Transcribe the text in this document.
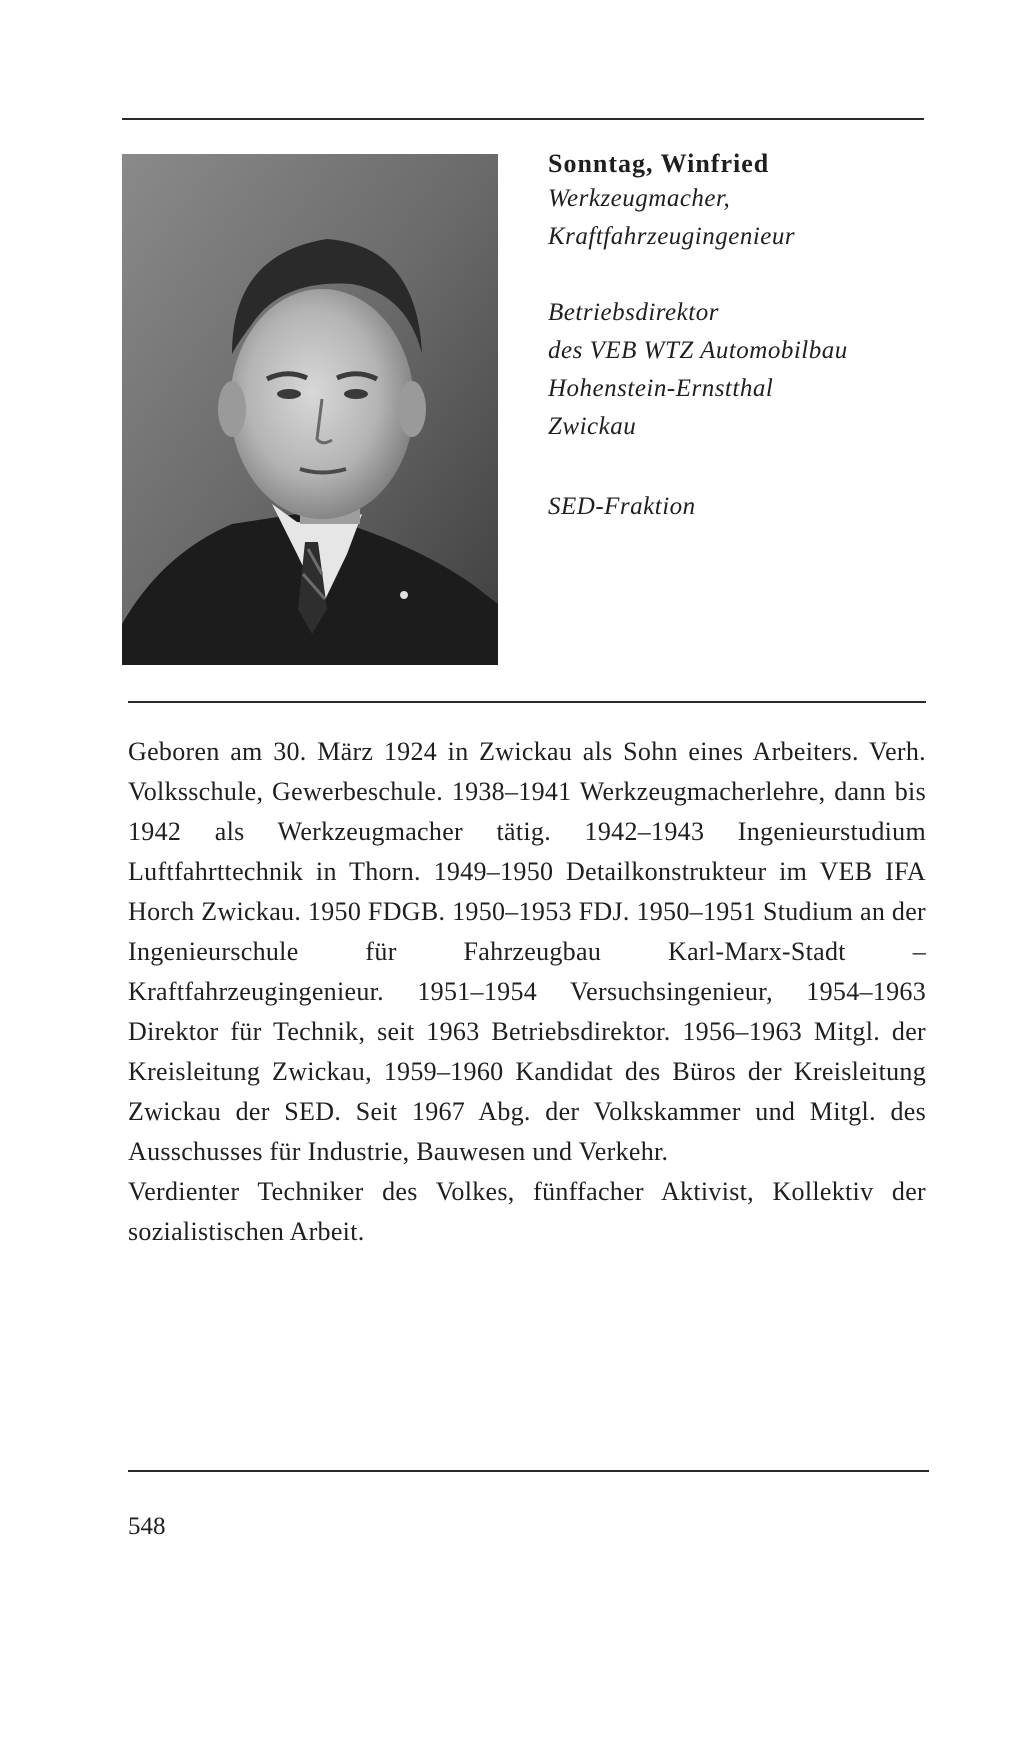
Sonntag, Winfried

Werkzeugmacher,

Kraftfahrzeugingenieur

Betriebsdirektor

des VEB WTZ Automobilbau

Hohenstein-Ernstthal

Zwickau

SED-Fraktion

Geboren am 30. März 1924 in Zwickau als Sohn eines Arbeiters. Verh. Volksschule, Gewerbeschule. 1938–1941 Werkzeugmacherlehre, dann bis 1942 als Werkzeugmacher tätig. 1942–1943 Ingenieurstudium Luftfahrttechnik in Thorn. 1949–1950 Detailkonstrukteur im VEB IFA Horch Zwickau. 1950 FDGB. 1950–1953 FDJ. 1950–1951 Studium an der Ingenieurschule für Fahrzeugbau Karl-Marx-Stadt – Kraftfahrzeugingenieur. 1951–1954 Versuchsingenieur, 1954–1963 Direktor für Technik, seit 1963 Betriebsdirektor. 1956–1963 Mitgl. der Kreisleitung Zwickau, 1959–1960 Kandidat des Büros der Kreisleitung Zwickau der SED. Seit 1967 Abg. der Volkskammer und Mitgl. des Ausschusses für Industrie, Bauwesen und Verkehr.

Verdienter Techniker des Volkes, fünffacher Aktivist, Kollektiv der sozialistischen Arbeit.

548
